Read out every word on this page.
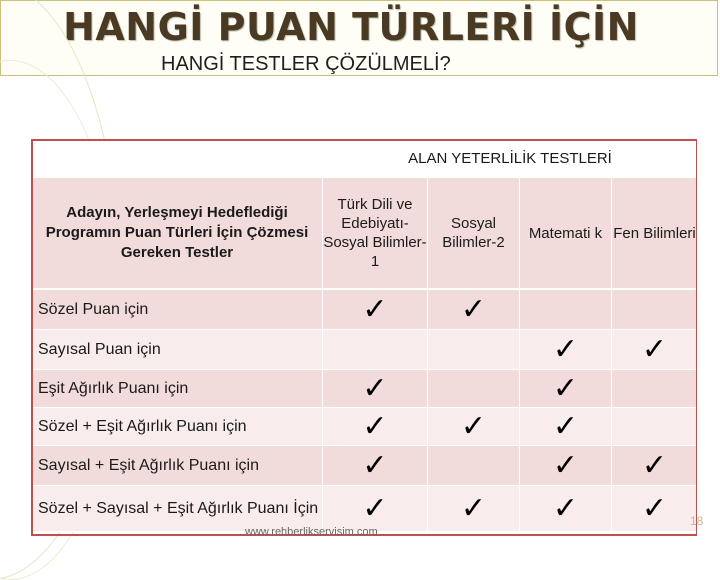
HANGİ PUAN TÜRLERİ İÇİN
HANGİ TESTLER ÇÖZÜLMELİ?
	ALAN YETERLİLİK TESTLERİ			
Adayın, Yerleşmeyi Hedeflediği Programın Puan Türleri İçin Çözmesi Gereken Testler	Türk Dili ve Edebiyatı- Sosyal Bilimler-1	Sosyal Bilimler-2	Matemati k	Fen Bilimleri
Sözel Puan için	✓	✓		
Sayısal Puan için			✓	✓
Eşit Ağırlık Puanı için	✓		✓	
Sözel + Eşit Ağırlık Puanı için	✓	✓	✓	
Sayısal + Eşit Ağırlık Puanı için	✓		✓	✓
Sözel + Sayısal + Eşit Ağırlık Puanı İçin	✓	✓	✓	✓
www.rehberlikservisim.com
18
